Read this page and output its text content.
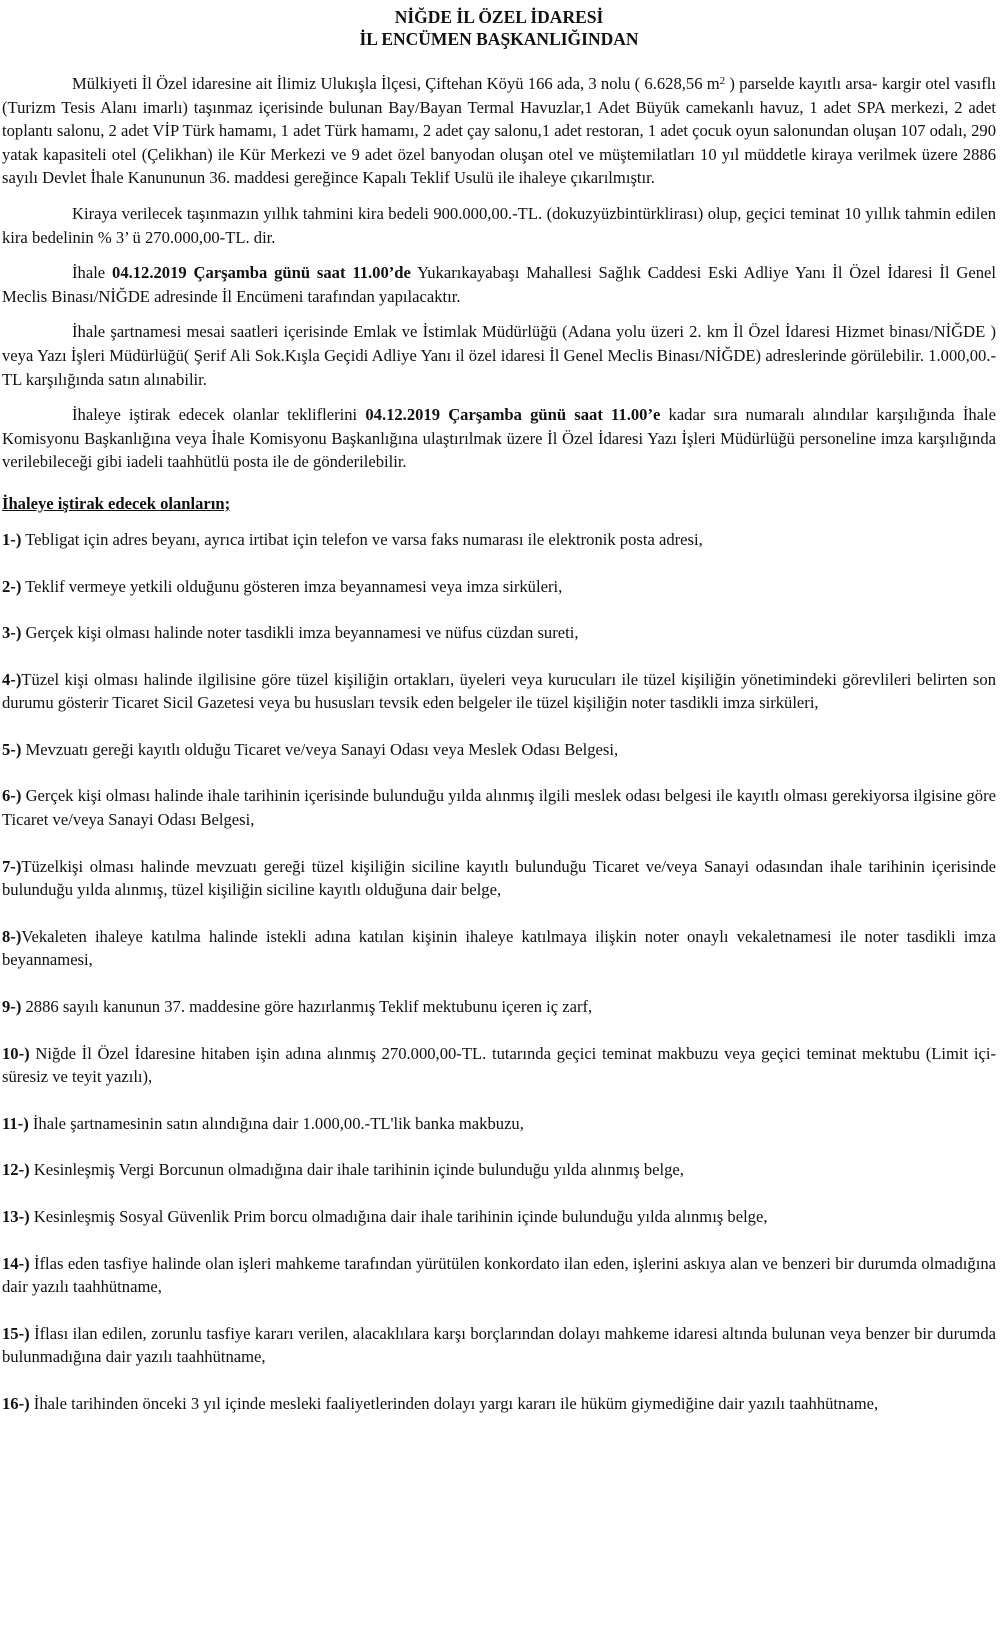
NİĞDE İL ÖZEL İDARESİ
İL ENCÜMEN BAŞKANLIĞINDAN

Mülkiyeti İl Özel idaresine ait İlimiz Ulukışla İlçesi, Çiftehan Köyü 166 ada, 3 nolu ( 6.628,56 $m^2$ ) parselde kayıtlı arsa- kargir otel vasıflı (Turizm Tesis Alanı imarlı) taşınmaz içerisinde bulunan Bay/Bayan Termal Havuzlar,1 Adet Büyük camekanlı havuz, 1 adet SPA merkezi, 2 adet toplantı salonu, 2 adet VİP Türk hamamı, 1 adet Türk hamamı, 2 adet çay salonu,1 adet restoran, 1 adet çocuk oyun salonundan oluşan 107 odalı, 290 yatak kapasiteli otel (Çelikhan) ile Kür Merkezi ve 9 adet özel banyodan oluşan otel ve müştemilatları 10 yıl müddetle kiraya verilmek üzere 2886 sayılı Devlet İhale Kanununun 36. maddesi gereğince Kapalı Teklif Usulü ile ihaleye çıkarılmıştır.

Kiraya verilecek taşınmazın yıllık tahmini kira bedeli 900.000,00.-TL. (dokuzyüzbintürklirası) olup, geçici teminat 10 yıllık tahmin edilen kira bedelinin % 3’ ü 270.000,00-TL. dir.

İhale 04.12.2019 Çarşamba günü saat 11.00’de Yukarıkayabaşı Mahallesi Sağlık Caddesi Eski Adliye Yanı İl Özel İdaresi İl Genel Meclis Binası/NİĞDE adresinde İl Encümeni tarafından yapılacaktır.

İhale şartnamesi mesai saatleri içerisinde Emlak ve İstimlak Müdürlüğü (Adana yolu üzeri 2. km İl Özel İdaresi Hizmet binası/NİĞDE ) veya Yazı İşleri Müdürlüğü( Şerif Ali Sok.Kışla Geçidi Adliye Yanı il özel idaresi İl Genel Meclis Binası/NİĞDE) adreslerinde görülebilir. 1.000,00.-TL karşılığında satın alınabilir.

İhaleye iştirak edecek olanlar tekliflerini 04.12.2019 Çarşamba günü saat 11.00’e kadar sıra numaralı alındılar karşılığında İhale Komisyonu Başkanlığına veya İhale Komisyonu Başkanlığına ulaştırılmak üzere İl Özel İdaresi Yazı İşleri Müdürlüğü personeline imza karşılığında verilebileceği gibi iadeli taahhütlü posta ile de gönderilebilir.

İhaleye iştirak edecek olanların;

1-) Tebligat için adres beyanı, ayrıca irtibat için telefon ve varsa faks numarası ile elektronik posta adresi,

2-) Teklif vermeye yetkili olduğunu gösteren imza beyannamesi veya imza sirküleri,

3-) Gerçek kişi olması halinde noter tasdikli imza beyannamesi ve nüfus cüzdan sureti,

4-)Tüzel kişi olması halinde ilgilisine göre tüzel kişiliğin ortakları, üyeleri veya kurucuları ile tüzel kişiliğin yönetimindeki görevlileri belirten son durumu gösterir Ticaret Sicil Gazetesi veya bu hususları tevsik eden belgeler ile tüzel kişiliğin noter tasdikli imza sirküleri,

5-) Mevzuatı gereği kayıtlı olduğu Ticaret ve/veya Sanayi Odası veya Meslek Odası Belgesi,

6-) Gerçek kişi olması halinde ihale tarihinin içerisinde bulunduğu yılda alınmış ilgili meslek odası belgesi ile kayıtlı olması gerekiyorsa ilgisine göre Ticaret ve/veya Sanayi Odası Belgesi,

7-)Tüzelkişi olması halinde mevzuatı gereği tüzel kişiliğin siciline kayıtlı bulunduğu Ticaret ve/veya Sanayi odasından ihale tarihinin içerisinde bulunduğu yılda alınmış, tüzel kişiliğin siciline kayıtlı olduğuna dair belge,

8-)Vekaleten ihaleye katılma halinde istekli adına katılan kişinin ihaleye katılmaya ilişkin noter onaylı vekaletnamesi ile noter tasdikli imza beyannamesi,

9-) 2886 sayılı kanunun 37. maddesine göre hazırlanmış Teklif mektubunu içeren iç zarf,

10-) Niğde İl Özel İdaresine hitaben işin adına alınmış 270.000,00-TL. tutarında geçici teminat makbuzu veya geçici teminat mektubu (Limit içi-süresiz ve teyit yazılı),

11-) İhale şartnamesinin satın alındığına dair 1.000,00.-TL'lik banka makbuzu,

12-) Kesinleşmiş Vergi Borcunun olmadığına dair ihale tarihinin içinde bulunduğu yılda alınmış belge,

13-) Kesinleşmiş Sosyal Güvenlik Prim borcu olmadığına dair ihale tarihinin içinde bulunduğu yılda alınmış belge,

14-) İflas eden tasfiye halinde olan işleri mahkeme tarafından yürütülen konkordato ilan eden, işlerini askıya alan ve benzeri bir durumda olmadığına dair yazılı taahhütname,

15-) İflası ilan edilen, zorunlu tasfiye kararı verilen, alacaklılara karşı borçlarından dolayı mahkeme idaresi altında bulunan veya benzer bir durumda bulunmadığına dair yazılı taahhütname,

16-) İhale tarihinden önceki 3 yıl içinde mesleki faaliyetlerinden dolayı yargı kararı ile hüküm giymediğine dair yazılı taahhütname,
